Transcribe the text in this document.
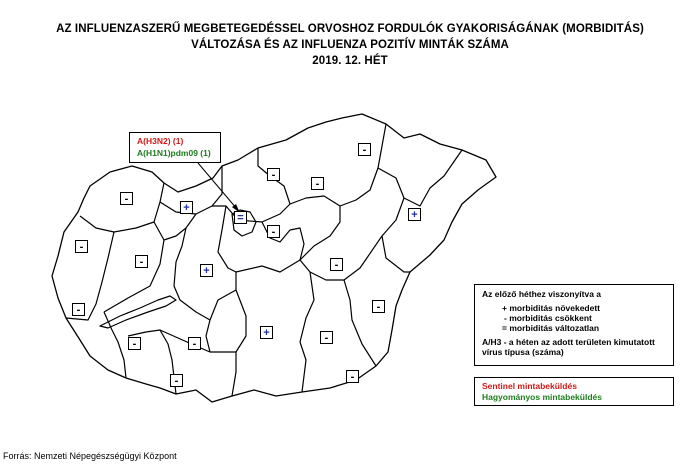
AZ INFLUENZASZERŰ MEGBETEGEDÉSSEL ORVOSHOZ FORDULÓK GYAKORISÁGÁNAK (MORBIDITÁS)
VÁLTOZÁSA ÉS AZ INFLUENZA POZITÍV MINTÁK SZÁMA
2019. 12. HÉT
-
+
=
-
-
-
-
+
-
-
+	-
-	-
+
-	-
-
-	-
A(H3N2) (1)
A(H1N1)pdm09 (1)
Az előző héthez viszonyítva a
+ morbiditás növekedett
- morbiditás csökkent
= morbiditás változatlan
A/H3 - a héten az adott területen kimutatott
vírus típusa (száma)
Sentinel mintabeküldés
Hagyományos mintabeküldés
Forrás: Nemzeti Népegészségügyi Központ
